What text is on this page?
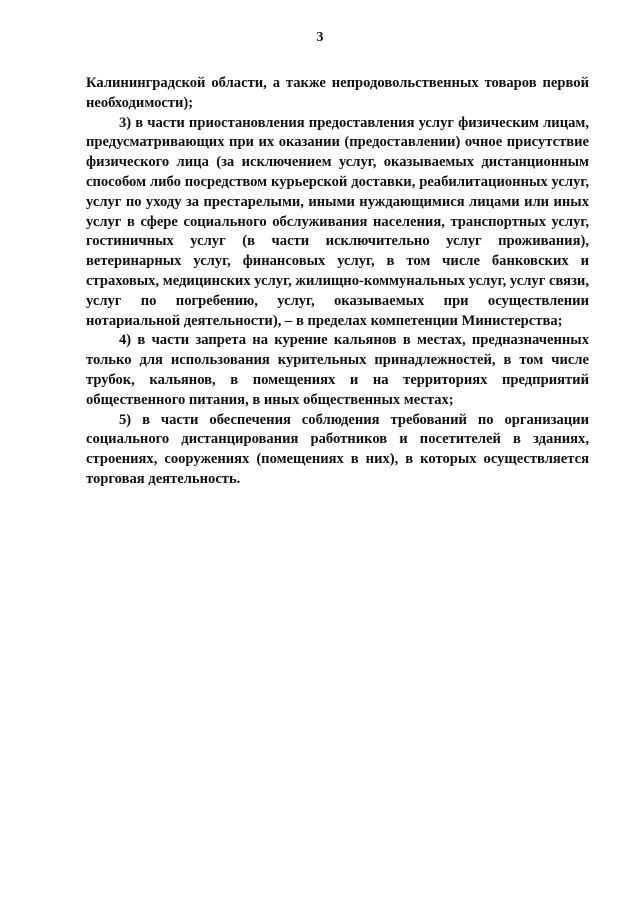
3

Калининградской области, а также непродовольственных товаров первой необходимости);

3) в части приостановления предоставления услуг физическим лицам, предусматривающих при их оказании (предоставлении) очное присутствие физического лица (за исключением услуг, оказываемых дистанционным способом либо посредством курьерской доставки, реабилитационных услуг, услуг по уходу за престарелыми, иными нуждающимися лицами или иных услуг в сфере социального обслуживания населения, транспортных услуг, гостиничных услуг (в части исключительно услуг проживания), ветеринарных услуг, финансовых услуг, в том числе банковских и страховых, медицинских услуг, жилищно-коммунальных услуг, услуг связи, услуг по погребению, услуг, оказываемых при осуществлении нотариальной деятельности), – в пределах компетенции Министерства;

4) в части запрета на курение кальянов в местах, предназначенных только для использования курительных принадлежностей, в том числе трубок, кальянов, в помещениях и на территориях предприятий общественного питания, в иных общественных местах;

5) в части обеспечения соблюдения требований по организации социального дистанцирования работников и посетителей в зданиях, строениях, сооружениях (помещениях в них), в которых осуществляется торговая деятельность.
